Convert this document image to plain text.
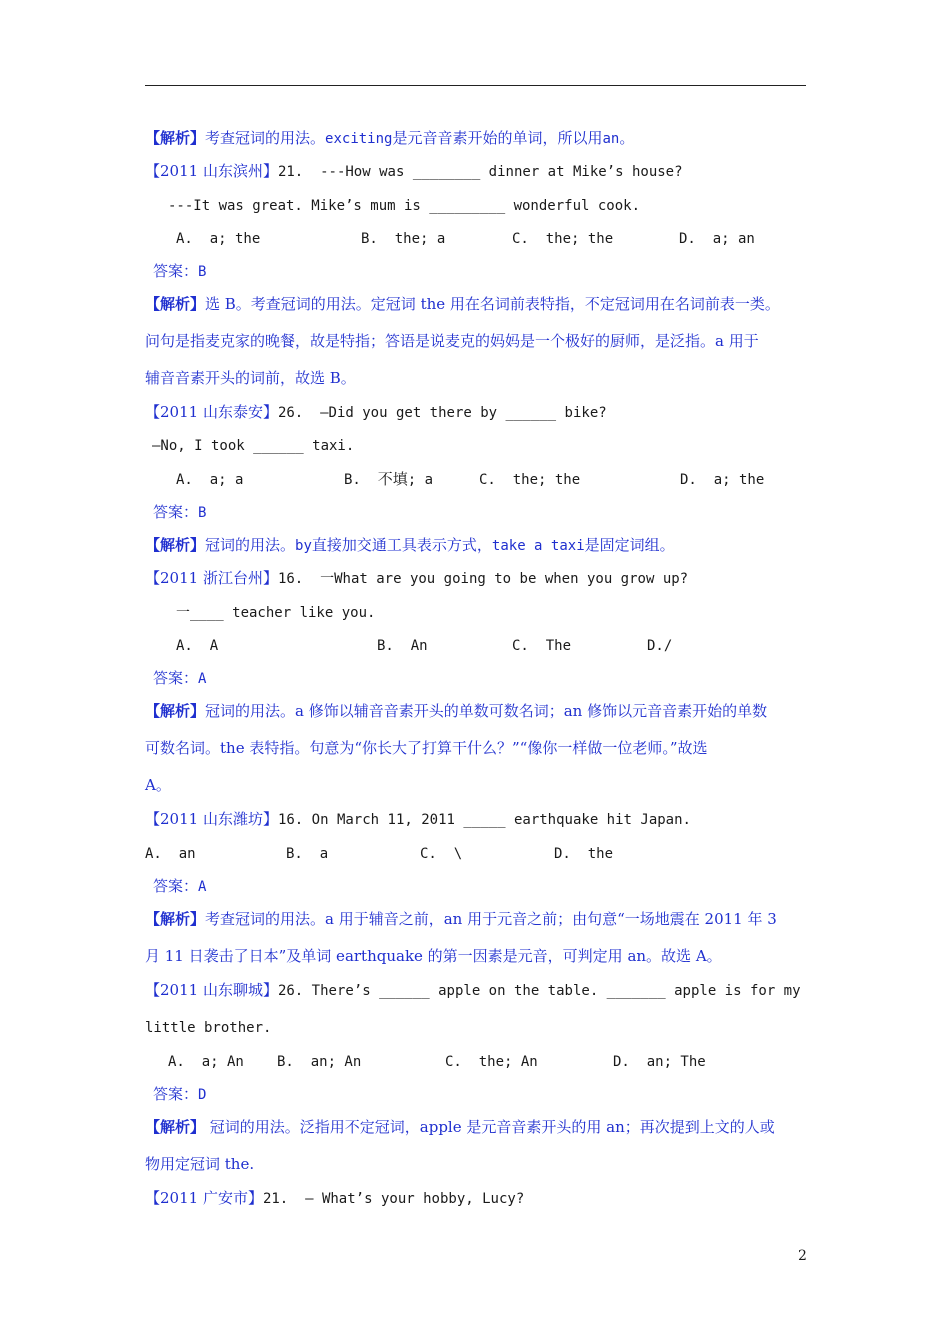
【解析】考查冠词的用法。exciting是元音音素开始的单词，所以用an。
【2011 山东滨州】21.  ---How was ________ dinner at Mike’s house?
---It was great. Mike’s mum is _________ wonderful cook.
A.  a; the	B.  the; a	C.  the; the	D.  a; an
答案：B
【解析】选 B。考查冠词的用法。定冠词 the 用在名词前表特指，不定冠词用在名词前表一类。
问句是指麦克家的晚餐，故是特指；答语是说麦克的妈妈是一个极好的厨师，是泛指。a 用于
辅音音素开头的词前，故选 B。
【2011 山东泰安】26.  —Did you get there by ______ bike?
—No, I took ______ taxi.
A.  a; a	B.  不填; a	C.  the; the	D.  a; the
答案：B
【解析】冠词的用法。by直接加交通工具表示方式，take a taxi是固定词组。
【2011 浙江台州】16.  一What are you going to be when you grow up?
一____ teacher like you.
A.  A	B.  An	C.  The	D./
答案：A
【解析】冠词的用法。a 修饰以辅音音素开头的单数可数名词；an 修饰以元音音素开始的单数
可数名词。the 表特指。句意为“你长大了打算干什么？”“像你一样做一位老师。”故选
A。
【2011 山东潍坊】16. On March 11, 2011 _____ earthquake hit Japan.
A.  an	B.  a	C.  \	D.  the
答案：A
【解析】考查冠词的用法。a 用于辅音之前，an 用于元音之前；由句意“一场地震在 2011 年 3
月 11 日袭击了日本”及单词 earthquake 的第一因素是元音，可判定用 an。故选 A。
【2011 山东聊城】26. There’s ______ apple on the table. _______ apple is for my
little brother.
A.  a; An B.  an; An	C.  the; An	D.  an; The
答案：D
【解析】 冠词的用法。泛指用不定冠词，apple 是元音音素开头的用 an；再次提到上文的人或
物用定冠词 the.
【2011 广安市】21.  — What’s your hobby, Lucy?
2
